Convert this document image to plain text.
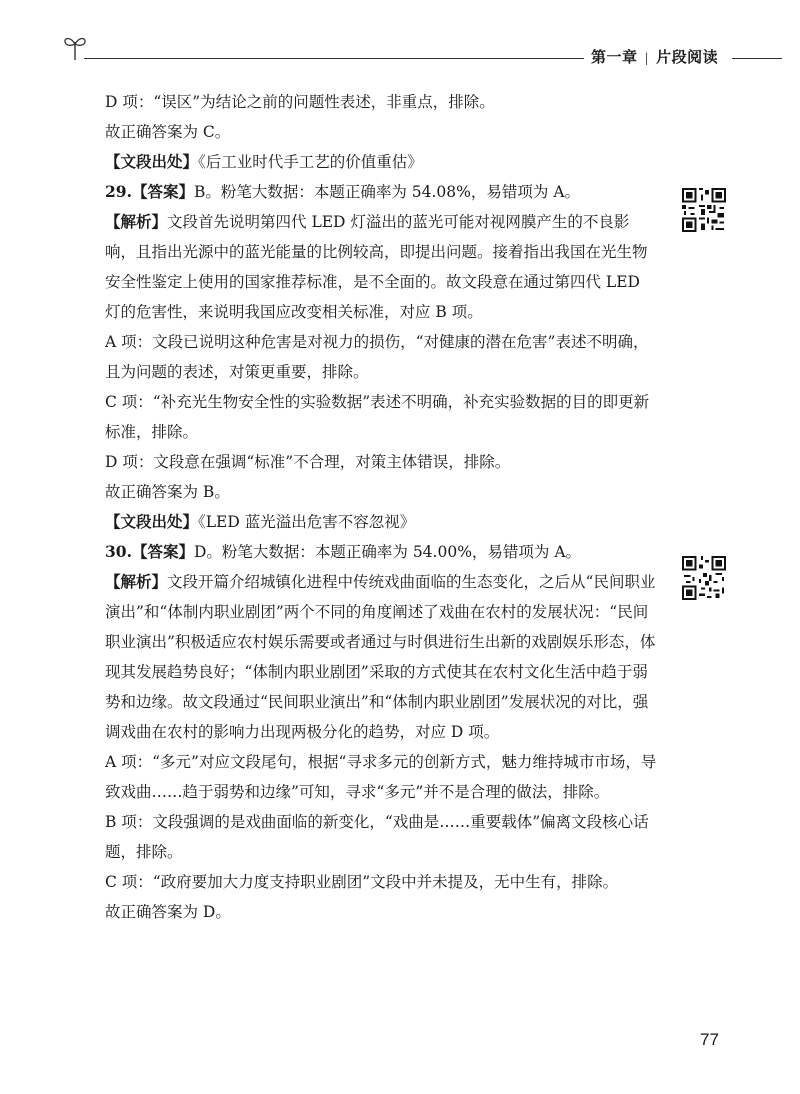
第一章 | 片段阅读

D 项：“误区”为结论之前的问题性表述，非重点，排除。

故正确答案为 C。

【文段出处】《后工业时代手工艺的价值重估》

29.【答案】B。粉笔大数据：本题正确率为 54.08%，易错项为 A。

【解析】文段首先说明第四代 LED 灯溢出的蓝光可能对视网膜产生的不良影响，且指出光源中的蓝光能量的比例较高，即提出问题。接着指出我国在光生物安全性鉴定上使用的国家推荐标准，是不全面的。故文段意在通过第四代 LED 灯的危害性，来说明我国应改变相关标准，对应 B 项。

A 项：文段已说明这种危害是对视力的损伤，“对健康的潜在危害”表述不明确，且为问题的表述，对策更重要，排除。

C 项：“补充光生物安全性的实验数据”表述不明确，补充实验数据的目的即更新标准，排除。

D 项：文段意在强调“标准”不合理，对策主体错误，排除。

故正确答案为 B。

【文段出处】《LED 蓝光溢出危害不容忽视》

30.【答案】D。粉笔大数据：本题正确率为 54.00%，易错项为 A。

【解析】文段开篇介绍城镇化进程中传统戏曲面临的生态变化，之后从“民间职业演出”和“体制内职业剧团”两个不同的角度阐述了戏曲在农村的发展状况：“民间职业演出”积极适应农村娱乐需要或者通过与时俱进衍生出新的戏剧娱乐形态，体现其发展趋势良好；“体制内职业剧团”采取的方式使其在农村文化生活中趋于弱势和边缘。故文段通过“民间职业演出”和“体制内职业剧团”发展状况的对比，强调戏曲在农村的影响力出现两极分化的趋势，对应 D 项。

A 项：“多元”对应文段尾句，根据“寻求多元的创新方式，魅力维持城市市场，导致戏曲……趋于弱势和边缘”可知，寻求“多元”并不是合理的做法，排除。

B 项：文段强调的是戏曲面临的新变化，“戏曲是……重要载体”偏离文段核心话题，排除。

C 项：“政府要加大力度支持职业剧团”文段中并未提及，无中生有，排除。

故正确答案为 D。

77
